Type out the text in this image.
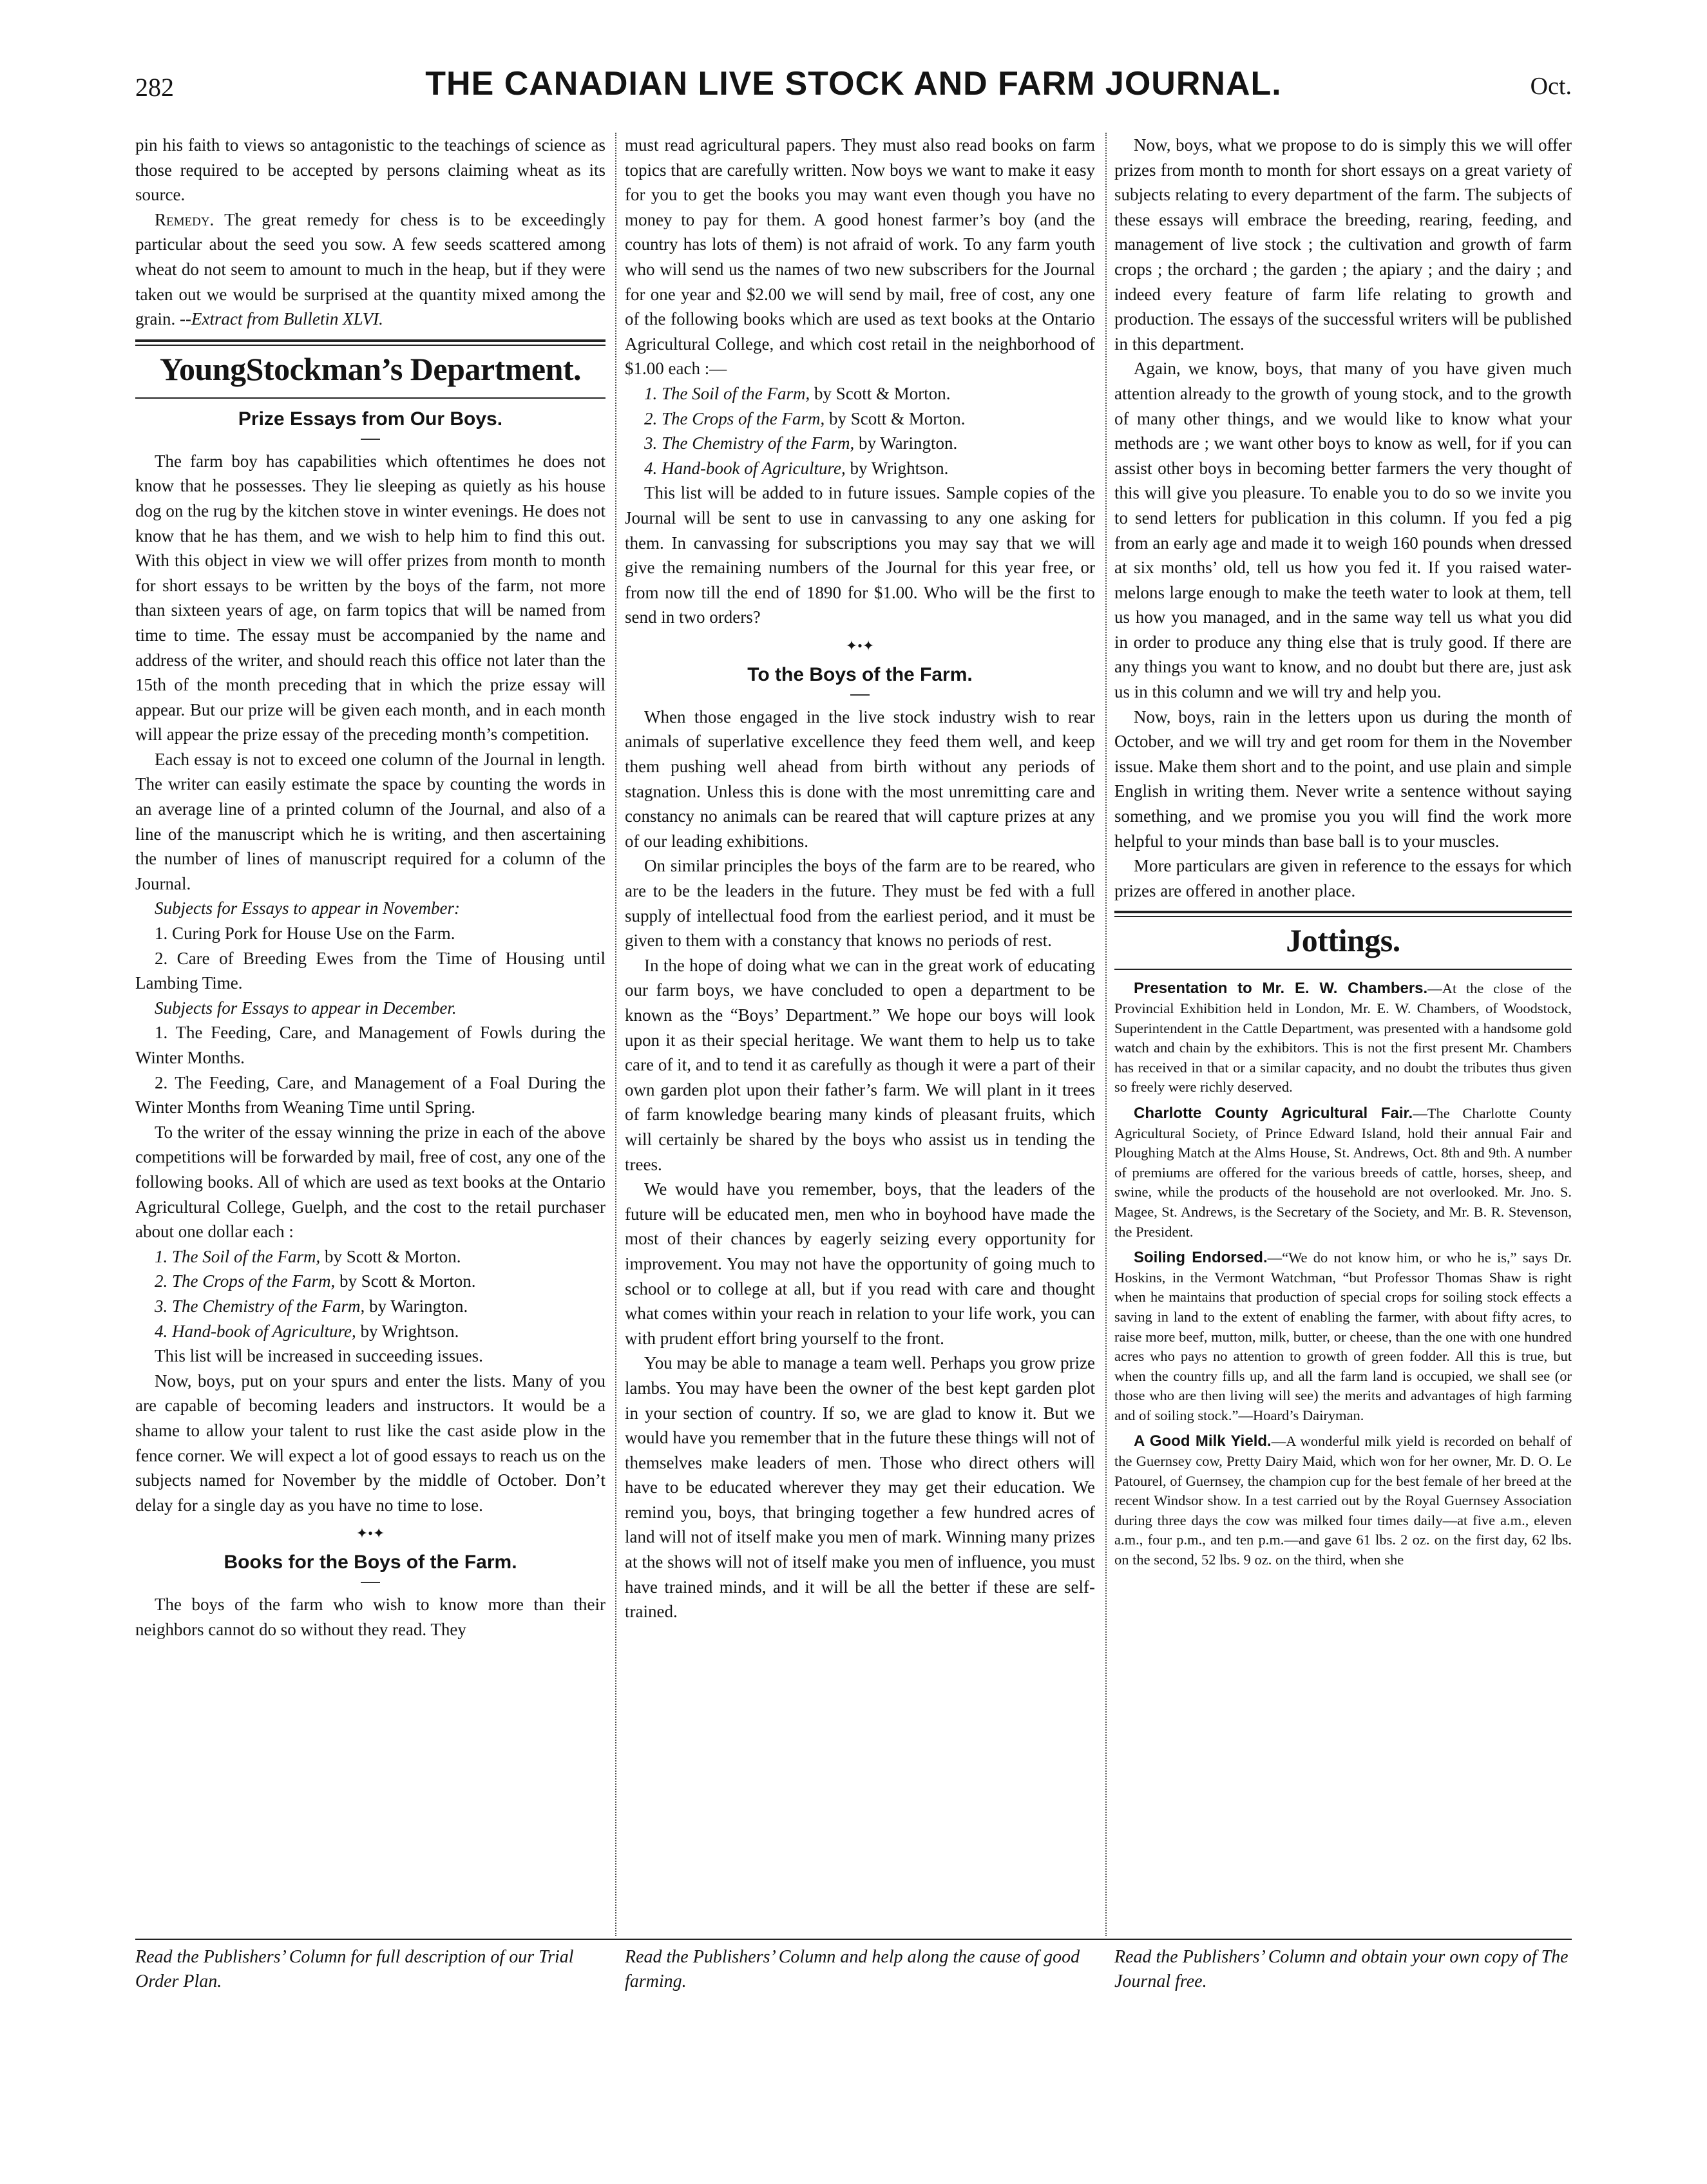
282	THE CANADIAN LIVE STOCK AND FARM JOURNAL.	Oct.

pin his faith to views so antagonistic to the teachings of science as those required to be accepted by persons claiming wheat as its source.

Remedy. The great remedy for chess is to be exceedingly particular about the seed you sow. A few seeds scattered among wheat do not seem to amount to much in the heap, but if they were taken out we would be surprised at the quantity mixed among the grain. --Extract from Bulletin XLVI.

YoungStockman’s Department.
Prize Essays from Our Boys.

The farm boy has capabilities which oftentimes he does not know that he possesses. They lie sleeping as quietly as his house dog on the rug by the kitchen stove in winter evenings. He does not know that he has them, and we wish to help him to find this out. With this object in view we will offer prizes from month to month for short essays to be written by the boys of the farm, not more than sixteen years of age, on farm topics that will be named from time to time. The essay must be accompanied by the name and address of the writer, and should reach this office not later than the 15th of the month preceding that in which the prize essay will appear. But our prize will be given each month, and in each month will appear the prize essay of the preceding month’s competition.

Each essay is not to exceed one column of the Journal in length. The writer can easily estimate the space by counting the words in an average line of a printed column of the Journal, and also of a line of the manuscript which he is writing, and then ascertaining the number of lines of manuscript required for a column of the Journal.

Subjects for Essays to appear in November:

1. Curing Pork for House Use on the Farm.

2. Care of Breeding Ewes from the Time of Housing until Lambing Time.

Subjects for Essays to appear in December.

1. The Feeding, Care, and Management of Fowls during the Winter Months.

2. The Feeding, Care, and Management of a Foal During the Winter Months from Weaning Time until Spring.

To the writer of the essay winning the prize in each of the above competitions will be forwarded by mail, free of cost, any one of the following books. All of which are used as text books at the Ontario Agricultural College, Guelph, and the cost to the retail purchaser about one dollar each :

1. The Soil of the Farm, by Scott & Morton.

2. The Crops of the Farm, by Scott & Morton.

3. The Chemistry of the Farm, by Warington.

4. Hand-book of Agriculture, by Wrightson.

This list will be increased in succeeding issues.

Now, boys, put on your spurs and enter the lists. Many of you are capable of becoming leaders and instructors. It would be a shame to allow your talent to rust like the cast aside plow in the fence corner. We will expect a lot of good essays to reach us on the subjects named for November by the middle of October. Don’t delay for a single day as you have no time to lose.

✦•✦
Books for the Boys of the Farm.

The boys of the farm who wish to know more than their neighbors cannot do so without they read. They

must read agricultural papers. They must also read books on farm topics that are carefully written. Now boys we want to make it easy for you to get the books you may want even though you have no money to pay for them. A good honest farmer’s boy (and the country has lots of them) is not afraid of work. To any farm youth who will send us the names of two new subscribers for the Journal for one year and $2.00 we will send by mail, free of cost, any one of the following books which are used as text books at the Ontario Agricultural College, and which cost retail in the neighborhood of $1.00 each :—

1. The Soil of the Farm, by Scott & Morton.

2. The Crops of the Farm, by Scott & Morton.

3. The Chemistry of the Farm, by Warington.

4. Hand-book of Agriculture, by Wrightson.

This list will be added to in future issues. Sample copies of the Journal will be sent to use in canvassing to any one asking for them. In canvassing for subscriptions you may say that we will give the remaining numbers of the Journal for this year free, or from now till the end of 1890 for $1.00. Who will be the first to send in two orders?

✦•✦
To the Boys of the Farm.

When those engaged in the live stock industry wish to rear animals of superlative excellence they feed them well, and keep them pushing well ahead from birth without any periods of stagnation. Unless this is done with the most unremitting care and constancy no animals can be reared that will capture prizes at any of our leading exhibitions.

On similar principles the boys of the farm are to be reared, who are to be the leaders in the future. They must be fed with a full supply of intellectual food from the earliest period, and it must be given to them with a constancy that knows no periods of rest.

In the hope of doing what we can in the great work of educating our farm boys, we have concluded to open a department to be known as the “Boys’ Department.” We hope our boys will look upon it as their special heritage. We want them to help us to take care of it, and to tend it as carefully as though it were a part of their own garden plot upon their father’s farm. We will plant in it trees of farm knowledge bearing many kinds of pleasant fruits, which will certainly be shared by the boys who assist us in tending the trees.

We would have you remember, boys, that the leaders of the future will be educated men, men who in boyhood have made the most of their chances by eagerly seizing every opportunity for improvement. You may not have the opportunity of going much to school or to college at all, but if you read with care and thought what comes within your reach in relation to your life work, you can with prudent effort bring yourself to the front.

You may be able to manage a team well. Perhaps you grow prize lambs. You may have been the owner of the best kept garden plot in your section of country. If so, we are glad to know it. But we would have you remember that in the future these things will not of themselves make leaders of men. Those who direct others will have to be educated wherever they may get their education. We remind you, boys, that bringing together a few hundred acres of land will not of itself make you men of mark. Winning many prizes at the shows will not of itself make you men of influence, you must have trained minds, and it will be all the better if these are self-trained.

Now, boys, what we propose to do is simply this we will offer prizes from month to month for short essays on a great variety of subjects relating to every department of the farm. The subjects of these essays will embrace the breeding, rearing, feeding, and management of live stock ; the cultivation and growth of farm crops ; the orchard ; the garden ; the apiary ; and the dairy ; and indeed every feature of farm life relating to growth and production. The essays of the successful writers will be published in this department.

Again, we know, boys, that many of you have given much attention already to the growth of young stock, and to the growth of many other things, and we would like to know what your methods are ; we want other boys to know as well, for if you can assist other boys in becoming better farmers the very thought of this will give you pleasure. To enable you to do so we invite you to send letters for publication in this column. If you fed a pig from an early age and made it to weigh 160 pounds when dressed at six months’ old, tell us how you fed it. If you raised water-melons large enough to make the teeth water to look at them, tell us how you managed, and in the same way tell us what you did in order to produce any thing else that is truly good. If there are any things you want to know, and no doubt but there are, just ask us in this column and we will try and help you.

Now, boys, rain in the letters upon us during the month of October, and we will try and get room for them in the November issue. Make them short and to the point, and use plain and simple English in writing them. Never write a sentence without saying something, and we promise you you will find the work more helpful to your minds than base ball is to your muscles.

More particulars are given in reference to the essays for which prizes are offered in another place.

Jottings.

Presentation to Mr. E. W. Chambers.—At the close of the Provincial Exhibition held in London, Mr. E. W. Chambers, of Woodstock, Superintendent in the Cattle Department, was presented with a handsome gold watch and chain by the exhibitors. This is not the first present Mr. Chambers has received in that or a similar capacity, and no doubt the tributes thus given so freely were richly deserved.

Charlotte County Agricultural Fair.—The Charlotte County Agricultural Society, of Prince Edward Island, hold their annual Fair and Ploughing Match at the Alms House, St. Andrews, Oct. 8th and 9th. A number of premiums are offered for the various breeds of cattle, horses, sheep, and swine, while the products of the household are not overlooked. Mr. Jno. S. Magee, St. Andrews, is the Secretary of the Society, and Mr. B. R. Stevenson, the President.

Soiling Endorsed.—“We do not know him, or who he is,” says Dr. Hoskins, in the Vermont Watchman, “but Professor Thomas Shaw is right when he maintains that production of special crops for soiling stock effects a saving in land to the extent of enabling the farmer, with about fifty acres, to raise more beef, mutton, milk, butter, or cheese, than the one with one hundred acres who pays no attention to growth of green fodder. All this is true, but when the country fills up, and all the farm land is occupied, we shall see (or those who are then living will see) the merits and advantages of high farming and of soiling stock.”—Hoard’s Dairyman.

A Good Milk Yield.—A wonderful milk yield is recorded on behalf of the Guernsey cow, Pretty Dairy Maid, which won for her owner, Mr. D. O. Le Patourel, of Guernsey, the champion cup for the best female of her breed at the recent Windsor show. In a test carried out by the Royal Guernsey Association during three days the cow was milked four times daily—at five a.m., eleven a.m., four p.m., and ten p.m.—and gave 61 lbs. 2 oz. on the first day, 62 lbs. on the second, 52 lbs. 9 oz. on the third, when she

Read the Publishers’ Column for full description of our Trial Order Plan.
Read the Publishers’ Column and help along the cause of good farming.
Read the Publishers’ Column and obtain your own copy of The Journal free.
